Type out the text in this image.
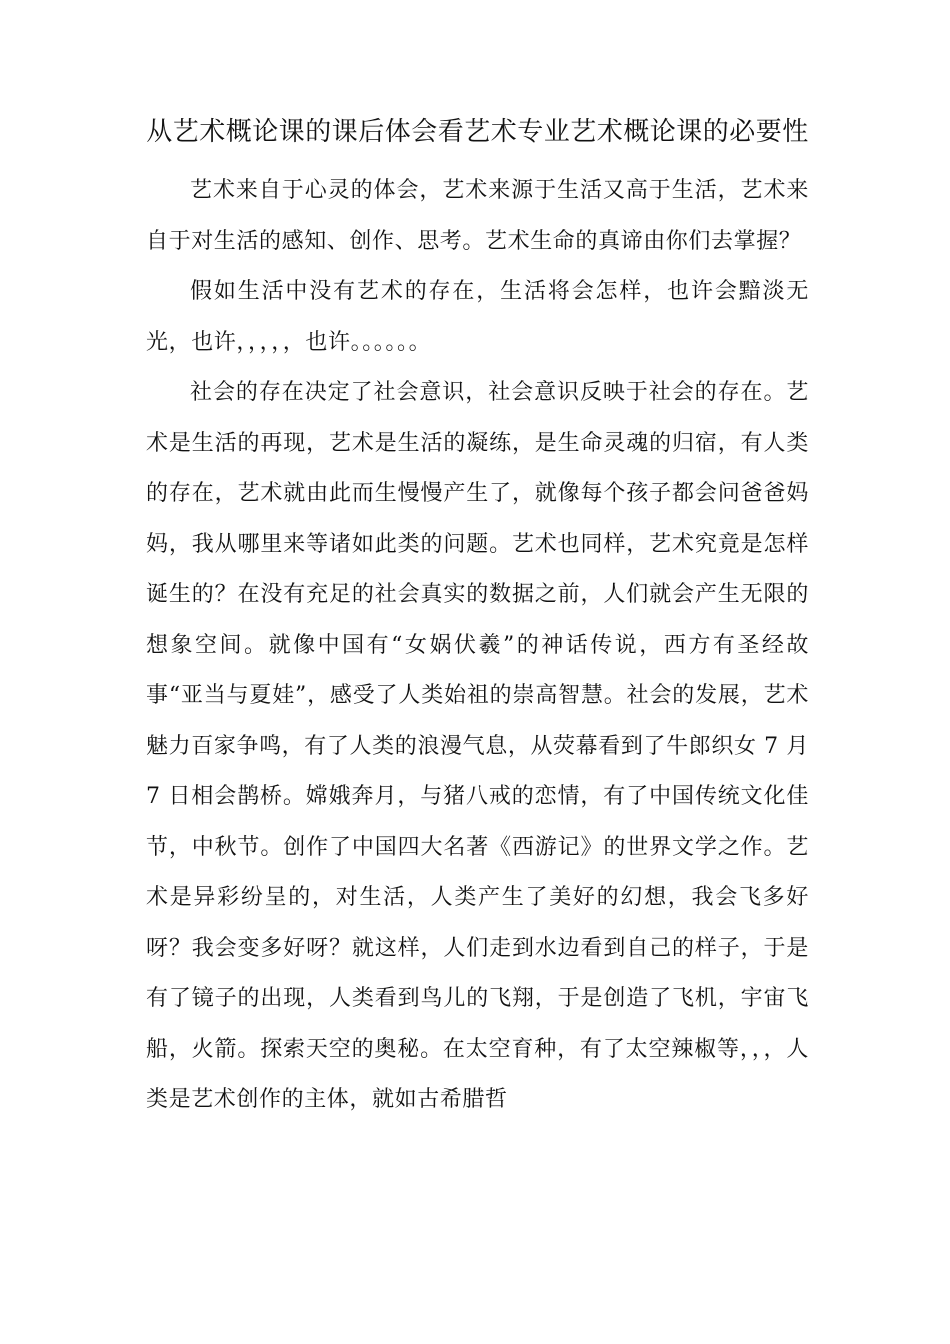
从艺术概论课的课后体会看艺术专业艺术概论课的必要性

艺术来自于心灵的体会，艺术来源于生活又高于生活，艺术来自于对生活的感知、创作、思考。艺术生命的真谛由你们去掌握？

假如生活中没有艺术的存在，生活将会怎样，也许会黯淡无光，也许，，，，，也许。。。。。。

社会的存在决定了社会意识，社会意识反映于社会的存在。艺术是生活的再现，艺术是生活的凝练，是生命灵魂的归宿，有人类的存在，艺术就由此而生慢慢产生了，就像每个孩子都会问爸爸妈妈，我从哪里来等诸如此类的问题。艺术也同样，艺术究竟是怎样诞生的？在没有充足的社会真实的数据之前，人们就会产生无限的想象空间。就像中国有“女娲伏羲”的神话传说，西方有圣经故事“亚当与夏娃”，感受了人类始祖的崇高智慧。社会的发展，艺术魅力百家争鸣，有了人类的浪漫气息，从荧幕看到了牛郎织女 7 月 7 日相会鹊桥。嫦娥奔月，与猪八戒的恋情，有了中国传统文化佳节，中秋节。创作了中国四大名著《西游记》的世界文学之作。艺术是异彩纷呈的，对生活，人类产生了美好的幻想，我会飞多好呀？我会变多好呀？就这样，人们走到水边看到自己的样子，于是有了镜子的出现，人类看到鸟儿的飞翔，于是创造了飞机，宇宙飞船，火箭。探索天空的奥秘。在太空育种，有了太空辣椒等，，，人类是艺术创作的主体，就如古希腊哲
